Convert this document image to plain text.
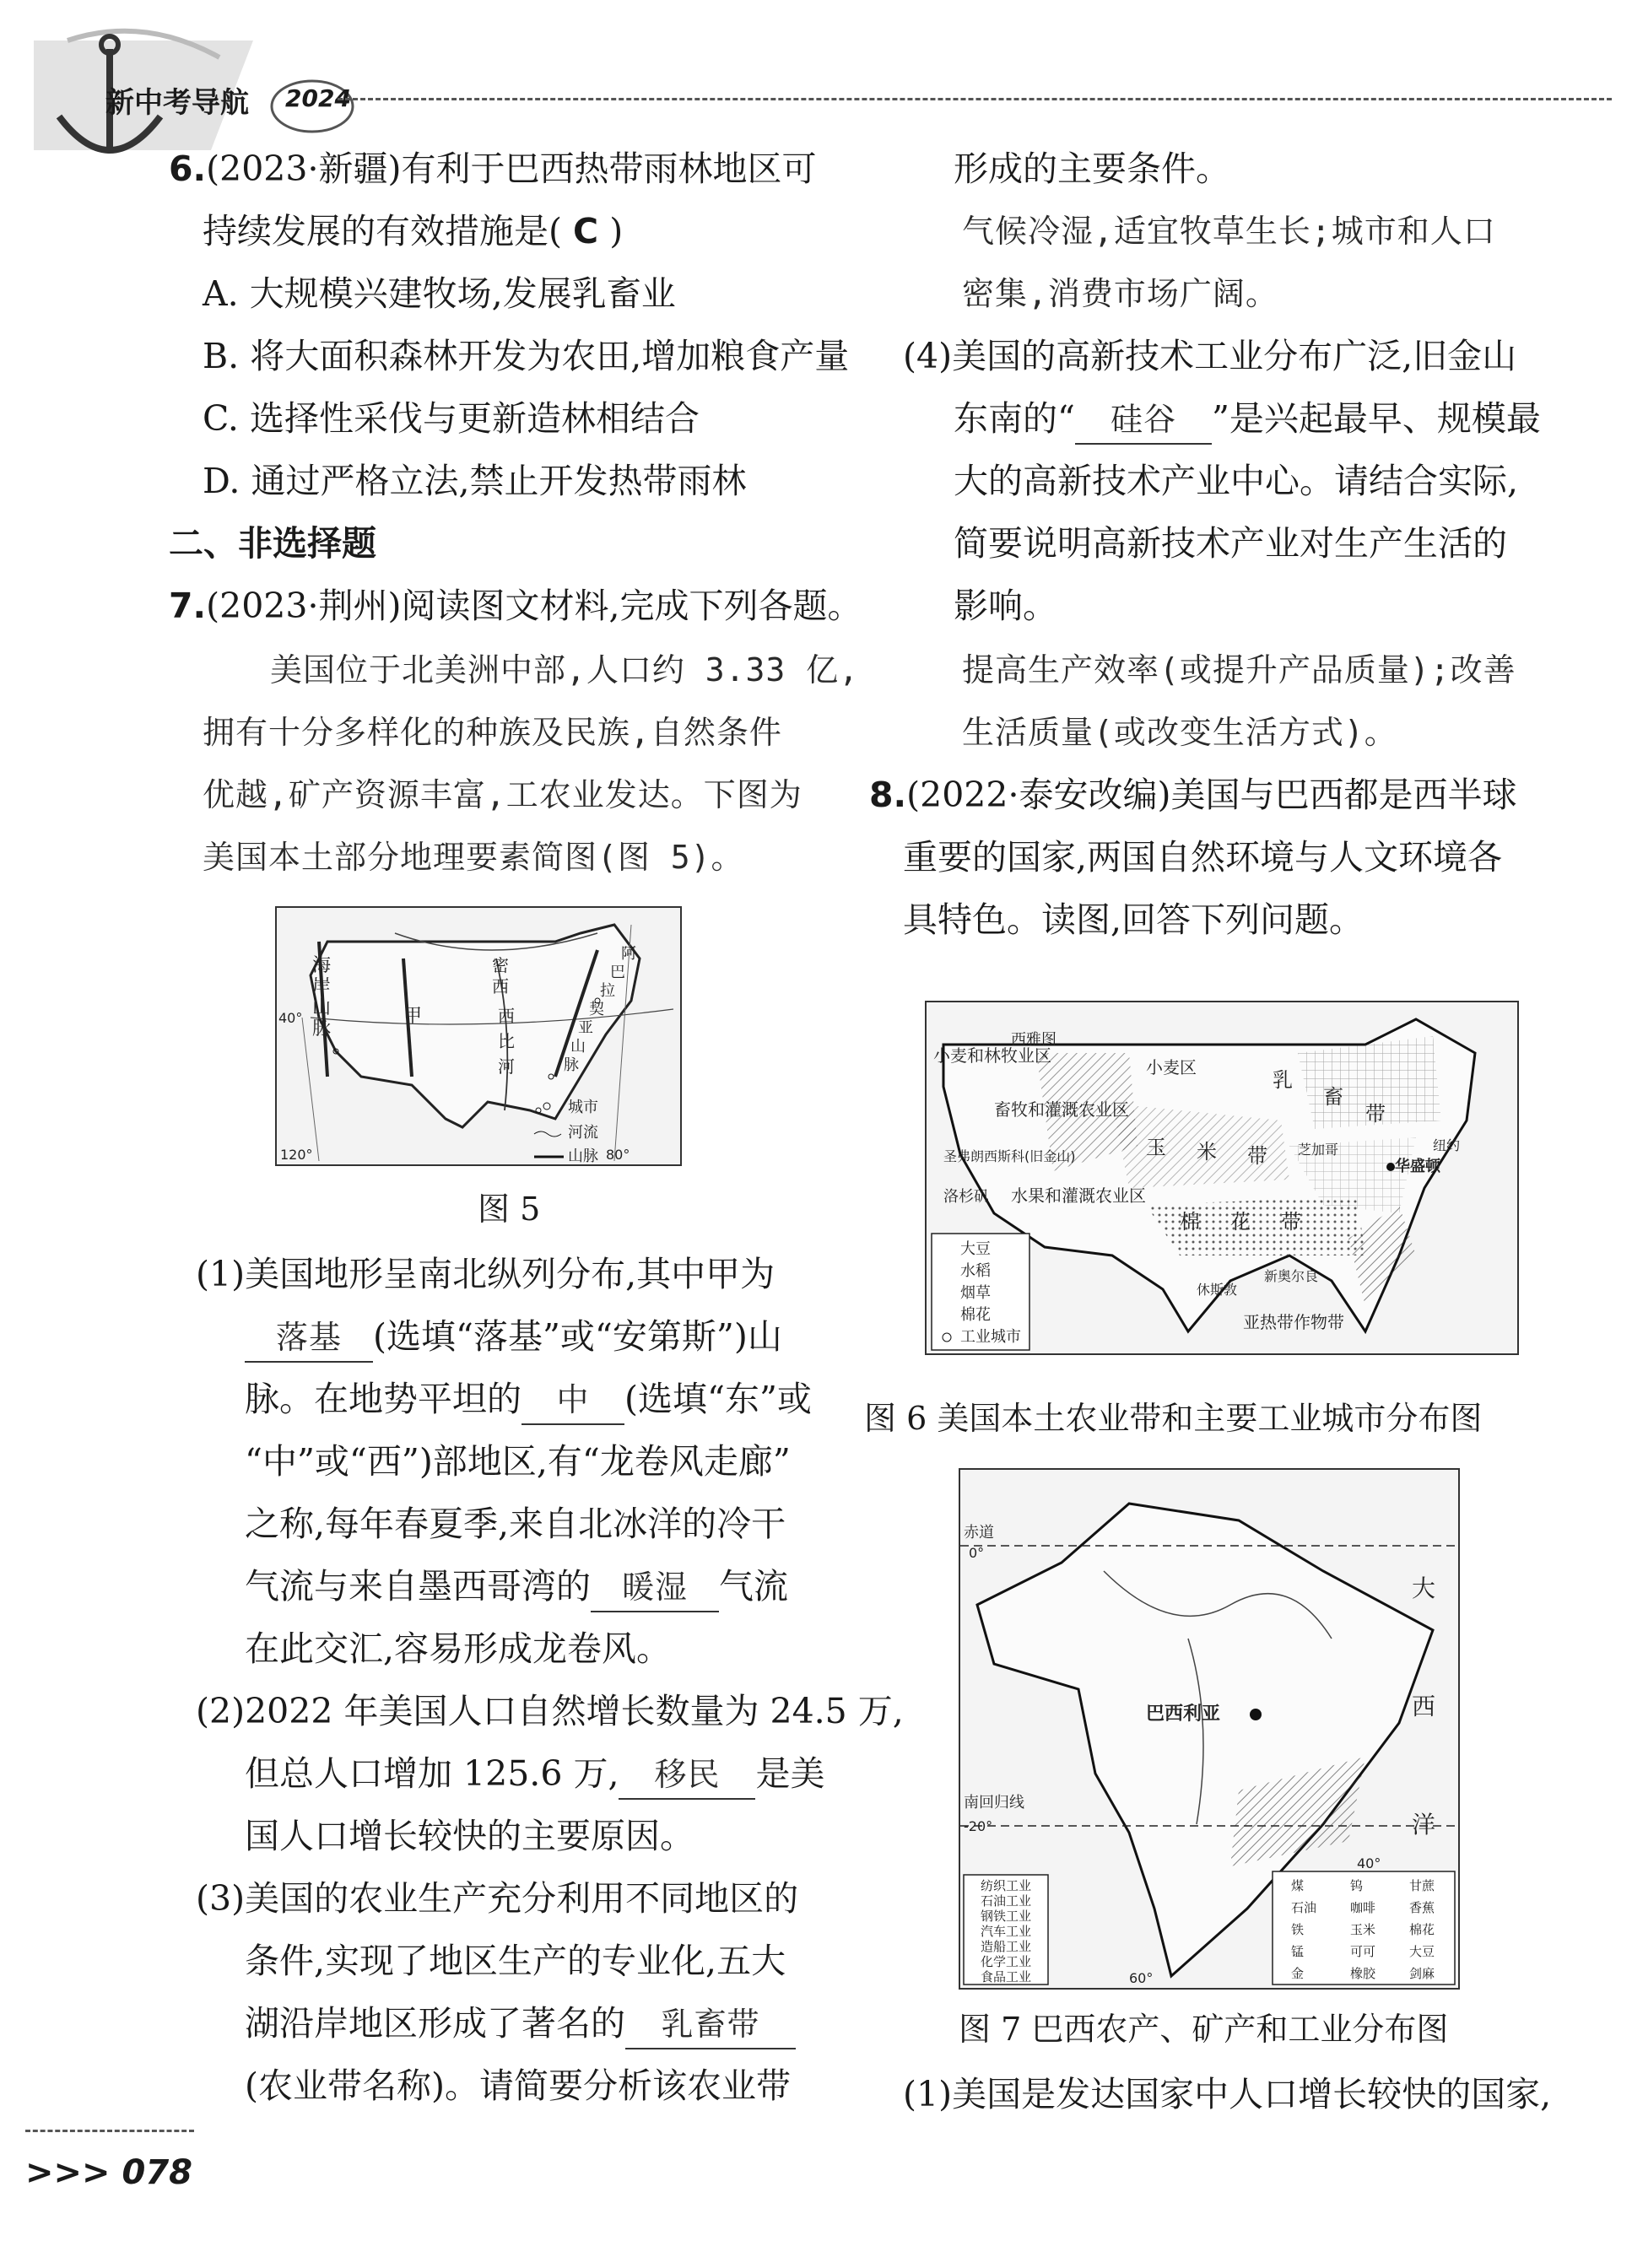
新中考导航 2024
6.(2023·新疆)有利于巴西热带雨林地区可
持续发展的有效措施是( C )
A. 大规模兴建牧场,发展乳畜业
B. 将大面积森林开发为农田,增加粮食产量
C. 选择性采伐与更新造林相结合
D. 通过严格立法,禁止开发热带雨林
二、非选择题
7.(2023·荆州)阅读图文材料,完成下列各题。
美国位于北美洲中部,人口约 3.33 亿,
拥有十分多样化的种族及民族,自然条件
优越,矿产资源丰富,工农业发达。下图为
美国本土部分地理要素简图(图 5)。
海
岸
山
脉
甲
密
西
西
比
河
阿
巴
拉
契
亚
山
脉
40°
120°	80°
城市
河流
山脉
图 5
(1)美国地形呈南北纵列分布,其中甲为
落基 (选填“落基”或“安第斯”)山
脉。在地势平坦的 中 (选填“东”或
“中”或“西”)部地区,有“龙卷风走廊”
之称,每年春夏季,来自北冰洋的冷干
气流与来自墨西哥湾的 暖湿 气流
在此交汇,容易形成龙卷风。
(2)2022 年美国人口自然增长数量为 24.5 万,
但总人口增加 125.6 万, 移民 是美
国人口增长较快的主要原因。
(3)美国的农业生产充分利用不同地区的
条件,实现了地区生产的专业化,五大
湖沿岸地区形成了著名的 乳畜带
(农业带名称)。请简要分析该农业带
>>> 078
形成的主要条件。
气候冷湿,适宜牧草生长;城市和人口
密集,消费市场广阔。
(4)美国的高新技术工业分布广泛,旧金山
东南的“ 硅谷 ”是兴起最早、规模最
大的高新技术产业中心。请结合实际,
简要说明高新技术产业对生产生活的
影响。
提高生产效率(或提升产品质量);改善
生活质量(或改变生活方式)。
8.(2022·泰安改编)美国与巴西都是西半球
重要的国家,两国自然环境与人文环境各
具特色。读图,回答下列问题。
小麦和林牧业区
西雅图
畜牧和灌溉农业区
小麦区
圣弗朗西斯科(旧金山)
洛杉矶 水果和灌溉农业区
乳
畜
带
玉 米 带
棉 花 带
芝加哥	纽约
华盛顿
休斯敦
新奥尔良
亚热带作物带
大豆
水稻
烟草
棉花
工业城市
图 6 美国本土农业带和主要工业城市分布图
赤道
0°
大
西
洋
巴西利亚
南回归线
-20°
40°
60°
纺织工业
石油工业
钢铁工业
汽车工业
造船工业
化学工业
食品工业
煤	钨	甘蔗
石油	咖啡	香蕉
铁	玉米	棉花
锰	可可	大豆
金	橡胶	剑麻
图 7 巴西农产、矿产和工业分布图
(1)美国是发达国家中人口增长较快的国家,
